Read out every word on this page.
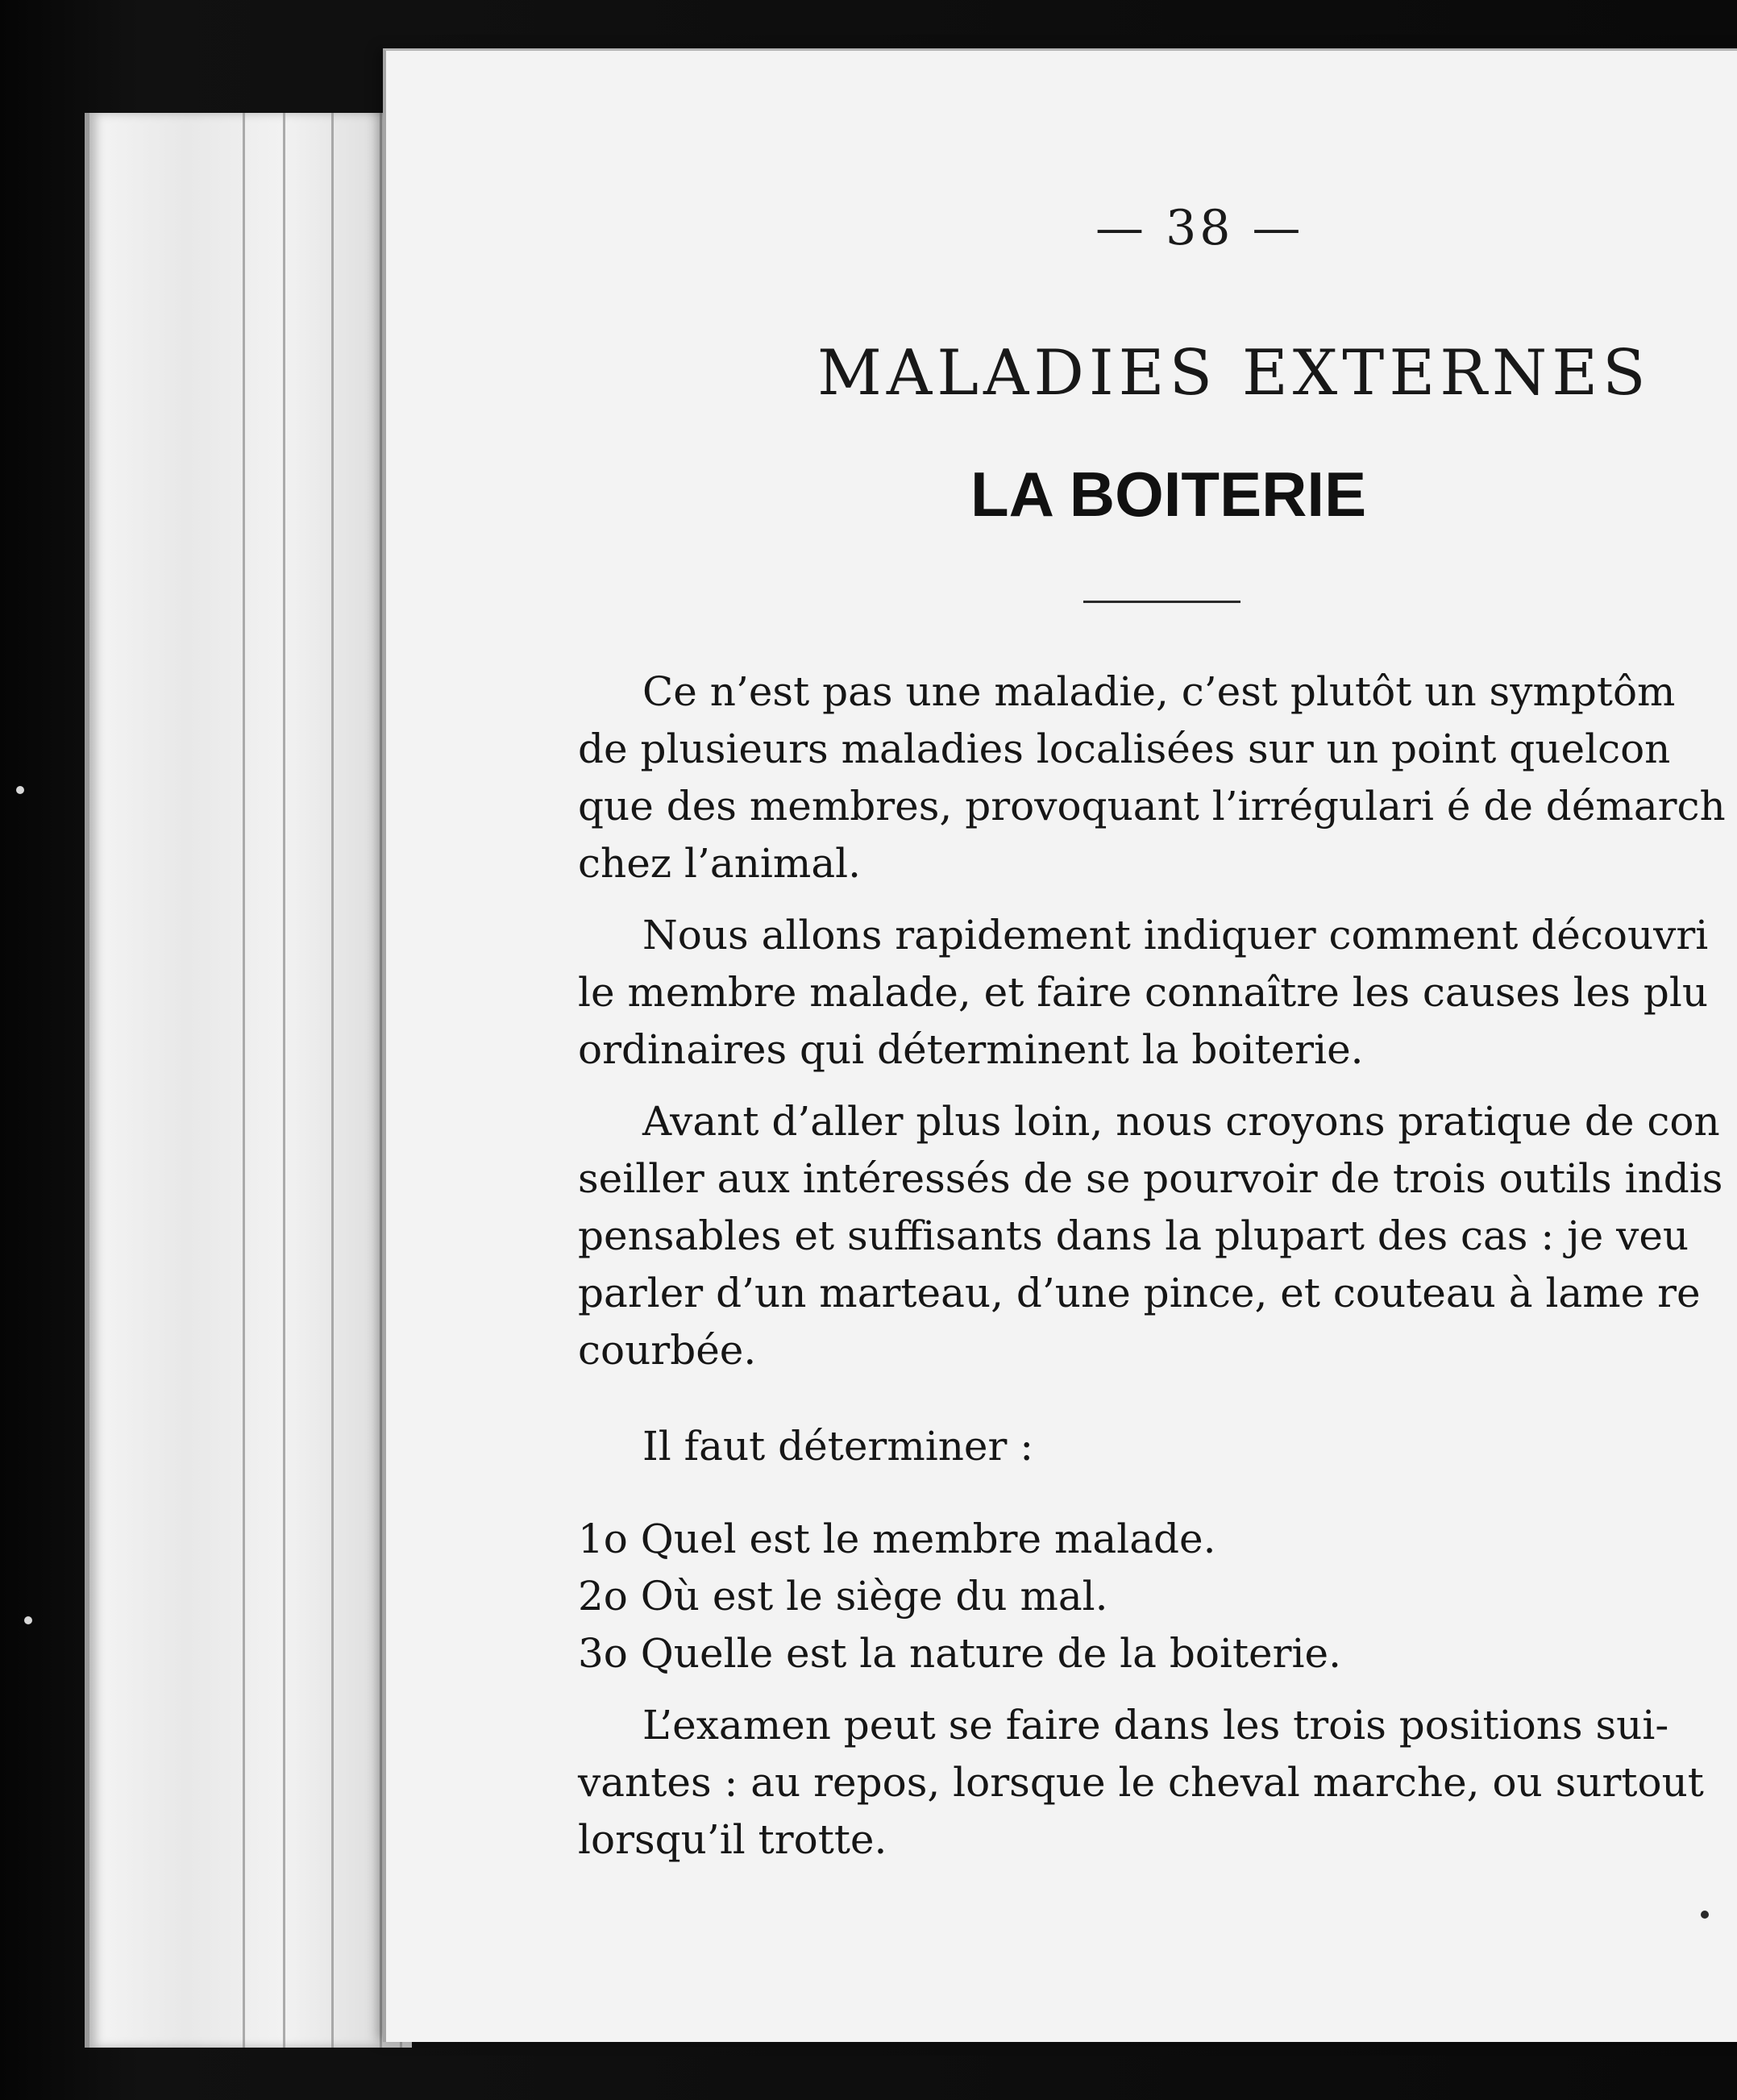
— 38 —
MALADIES EXTERNES
LA BOITERIE
Ce n’est pas une maladie, c’est plutôt un symptôm
de plusieurs maladies localisées sur un point quelcon
que des membres, provoquant l’irrégulari é de démarch
chez l’animal.
Nous allons rapidement indiquer comment découvri
le membre malade, et faire connaître les causes les plu
ordinaires qui déterminent la boiterie.
Avant d’aller plus loin, nous croyons pratique de con
seiller aux intéressés de se pourvoir de trois outils indis
pensables et suffisants dans la plupart des cas : je veu
parler d’un marteau, d’une pince, et couteau à lame re
courbée.
Il faut déterminer :
1o Quel est le membre malade.
2o Où est le siège du mal.
3o Quelle est la nature de la boiterie.
L’examen peut se faire dans les trois positions sui-
vantes : au repos, lorsque le cheval marche, ou surtout
lorsqu’il trotte.
